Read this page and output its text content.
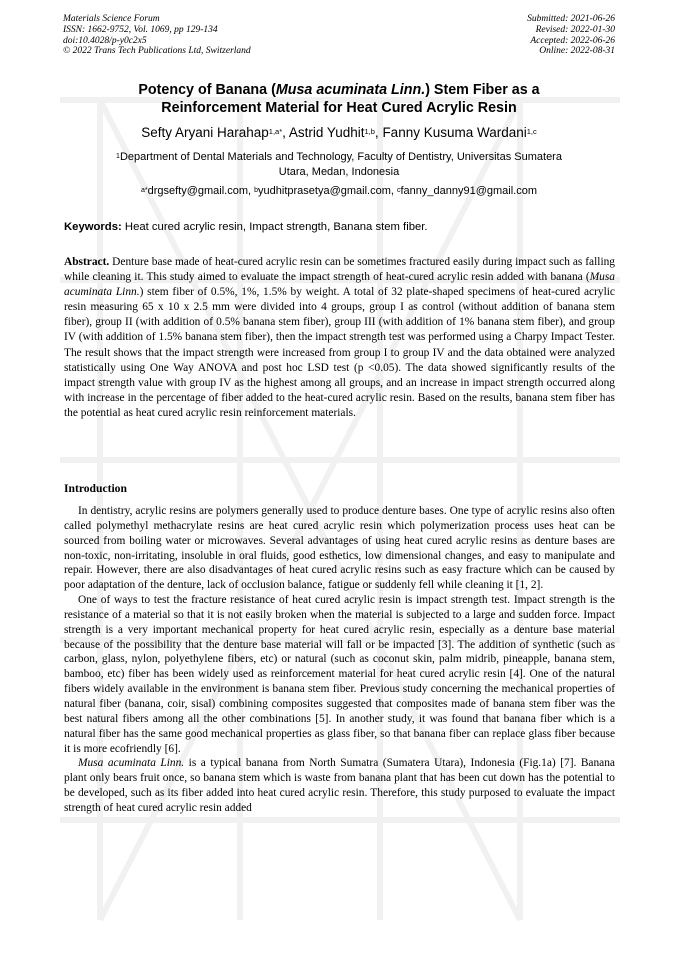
Materials Science Forum
ISSN: 1662-9752, Vol. 1069, pp 129-134
doi:10.4028/p-y0c2x5
© 2022 Trans Tech Publications Ltd, Switzerland
Submitted: 2021-06-26
Revised: 2022-01-30
Accepted: 2022-06-26
Online: 2022-08-31
Potency of Banana (Musa acuminata Linn.) Stem Fiber as a
Reinforcement Material for Heat Cured Acrylic Resin
Sefty Aryani Harahap$^{1,a*}$, Astrid Yudhit$^{1,b}$, Fanny Kusuma Wardani$^{1,c}$
$^1$Department of Dental Materials and Technology, Faculty of Dentistry, Universitas Sumatera
Utara, Medan, Indonesia
$^{a*}$drgsefty@gmail.com, $^b$yudhitprasetya@gmail.com, $^c$fanny_danny91@gmail.com
Keywords: Heat cured acrylic resin, Impact strength, Banana stem fiber.
Abstract. Denture base made of heat-cured acrylic resin can be sometimes fractured easily during impact such as falling while cleaning it. This study aimed to evaluate the impact strength of heat-cured acrylic resin added with banana (Musa acuminata Linn.) stem fiber of 0.5%, 1%, 1.5% by weight. A total of 32 plate-shaped specimens of heat-cured acrylic resin measuring 65 x 10 x 2.5 mm were divided into 4 groups, group I as control (without addition of banana stem fiber), group II (with addition of 0.5% banana stem fiber), group III (with addition of 1% banana stem fiber), and group IV (with addition of 1.5% banana stem fiber), then the impact strength test was performed using a Charpy Impact Tester. The result shows that the impact strength were increased from group I to group IV and the data obtained were analyzed statistically using One Way ANOVA and post hoc LSD test (p <0.05). The data showed significantly results of the impact strength value with group IV as the highest among all groups, and an increase in impact strength occurred along with increase in the percentage of fiber added to the heat-cured acrylic resin. Based on the results, banana stem fiber has the potential as heat cured acrylic resin reinforcement materials.
Introduction

In dentistry, acrylic resins are polymers generally used to produce denture bases. One type of acrylic resins also often called polymethyl methacrylate resins are heat cured acrylic resin which polymerization process uses heat can be sourced from boiling water or microwaves. Several advantages of using heat cured acrylic resins as denture bases are non-toxic, non-irritating, insoluble in oral fluids, good esthetics, low dimensional changes, and easy to manipulate and repair. However, there are also disadvantages of heat cured acrylic resins such as easy fracture which can be caused by poor adaptation of the denture, lack of occlusion balance, fatigue or suddenly fell while cleaning it [1, 2].

One of ways to test the fracture resistance of heat cured acrylic resin is impact strength test. Impact strength is the resistance of a material so that it is not easily broken when the material is subjected to a large and sudden force. Impact strength is a very important mechanical property for heat cured acrylic resin, especially as a denture base material because of the possibility that the denture base material will fall or be impacted [3]. The addition of synthetic (such as carbon, glass, nylon, polyethylene fibers, etc) or natural (such as coconut skin, palm midrib, pineapple, banana stem, bamboo, etc) fiber has been widely used as reinforcement material for heat cured acrylic resin [4]. One of the natural fibers widely available in the environment is banana stem fiber. Previous study concerning the mechanical properties of natural fiber (banana, coir, sisal) combining composites suggested that composites made of banana stem fiber was the best natural fibers among all the other combinations [5]. In another study, it was found that banana fiber which is a natural fiber has the same good mechanical properties as glass fiber, so that banana fiber can replace glass fiber because it is more ecofriendly [6].

Musa acuminata Linn. is a typical banana from North Sumatra (Sumatera Utara), Indonesia (Fig.1a) [7]. Banana plant only bears fruit once, so banana stem which is waste from banana plant that has been cut down has the potential to be developed, such as its fiber added into heat cured acrylic resin. Therefore, this study purposed to evaluate the impact strength of heat cured acrylic resin added
